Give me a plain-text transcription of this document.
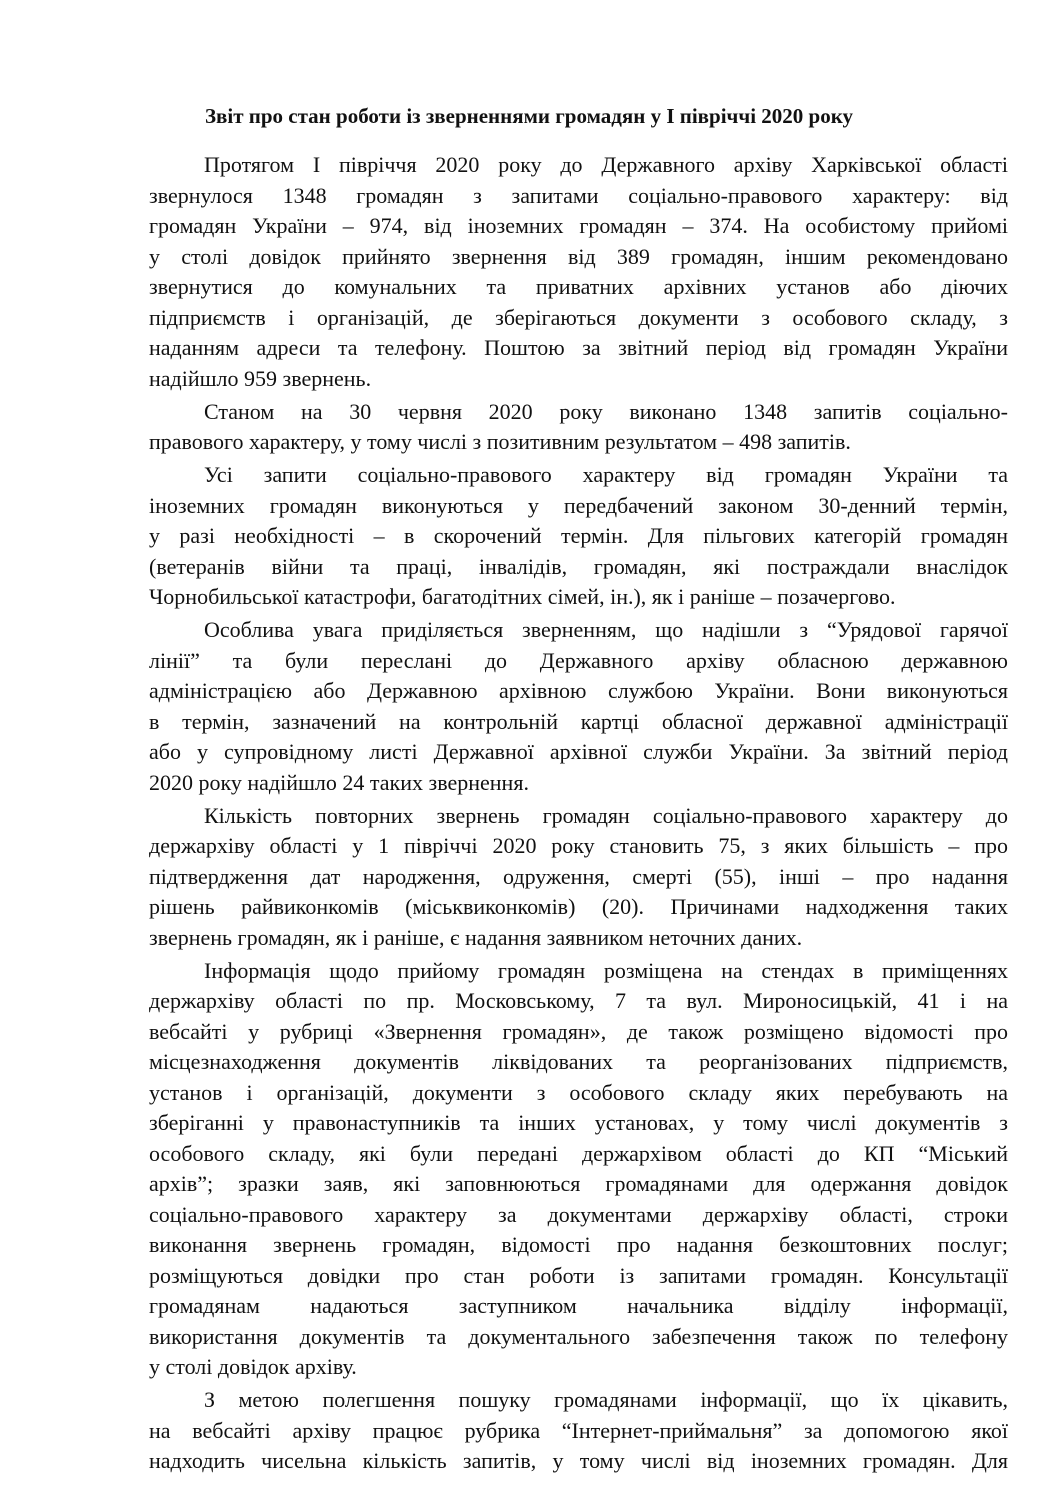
Звіт про стан роботи із зверненнями громадян у І півріччі 2020 року
Протягом І півріччя 2020 року до Державного архіву Харківської області
звернулося 1348 громадян з запитами соціально-правового характеру: від
громадян України – 974, від іноземних громадян – 374. На особистому прийомі
у столі довідок прийнято звернення від 389 громадян, іншим рекомендовано
звернутися до комунальних та приватних архівних установ або діючих
підприємств і організацій, де зберігаються документи з особового складу, з
наданням адреси та телефону. Поштою за звітний період від громадян України
надійшло 959 звернень.
Станом на 30 червня 2020 року виконано 1348 запитів соціально-
правового характеру, у тому числі з позитивним результатом – 498 запитів.
Усі запити соціально-правового характеру від громадян України та
іноземних громадян виконуються у передбачений законом 30-денний термін,
у разі необхідності – в скорочений термін. Для пільгових категорій громадян
(ветеранів війни та праці, інвалідів, громадян, які постраждали внаслідок
Чорнобильської катастрофи, багатодітних сімей, ін.), як і раніше – позачергово.
Особлива увага приділяється зверненням, що надішли з “Урядової гарячої
лінії” та були переслані до Державного архіву обласною державною
адміністрацією або Державною архівною службою України. Вони виконуються
в термін, зазначений на контрольній картці обласної державної адміністрації
або у супровідному листі Державної архівної служби України. За звітний період
2020 року надійшло 24 таких звернення.
Кількість повторних звернень громадян соціально-правового характеру до
держархіву області у 1 півріччі 2020 року становить 75, з яких більшість – про
підтвердження дат народження, одруження, смерті (55), інші – про надання
рішень райвиконкомів (міськвиконкомів) (20). Причинами надходження таких
звернень громадян, як і раніше, є надання заявником неточних даних.
Інформація щодо прийому громадян розміщена на стендах в приміщеннях
держархіву області по пр. Московському, 7 та вул. Мироносицькій, 41 і на
вебсайті у рубриці «Звернення громадян», де також розміщено відомості про
місцезнаходження документів ліквідованих та реорганізованих підприємств,
установ і організацій, документи з особового складу яких перебувають на
зберіганні у правонаступників та інших установах, у тому числі документів з
особового складу, які були передані держархівом області до КП “Міський
архів”; зразки заяв, які заповнюються громадянами для одержання довідок
соціально-правового характеру за документами держархіву області, строки
виконання звернень громадян, відомості про надання безкоштовних послуг;
розміщуються довідки про стан роботи із запитами громадян. Консультації
громадянам надаються заступником начальника відділу інформації,
використання документів та документального забезпечення також по телефону
у столі довідок архіву.
З метою полегшення пошуку громадянами інформації, що їх цікавить,
на вебсайті архіву працює рубрика “Інтернет-приймальня” за допомогою якої
надходить чисельна кількість запитів, у тому числі від іноземних громадян. Для
